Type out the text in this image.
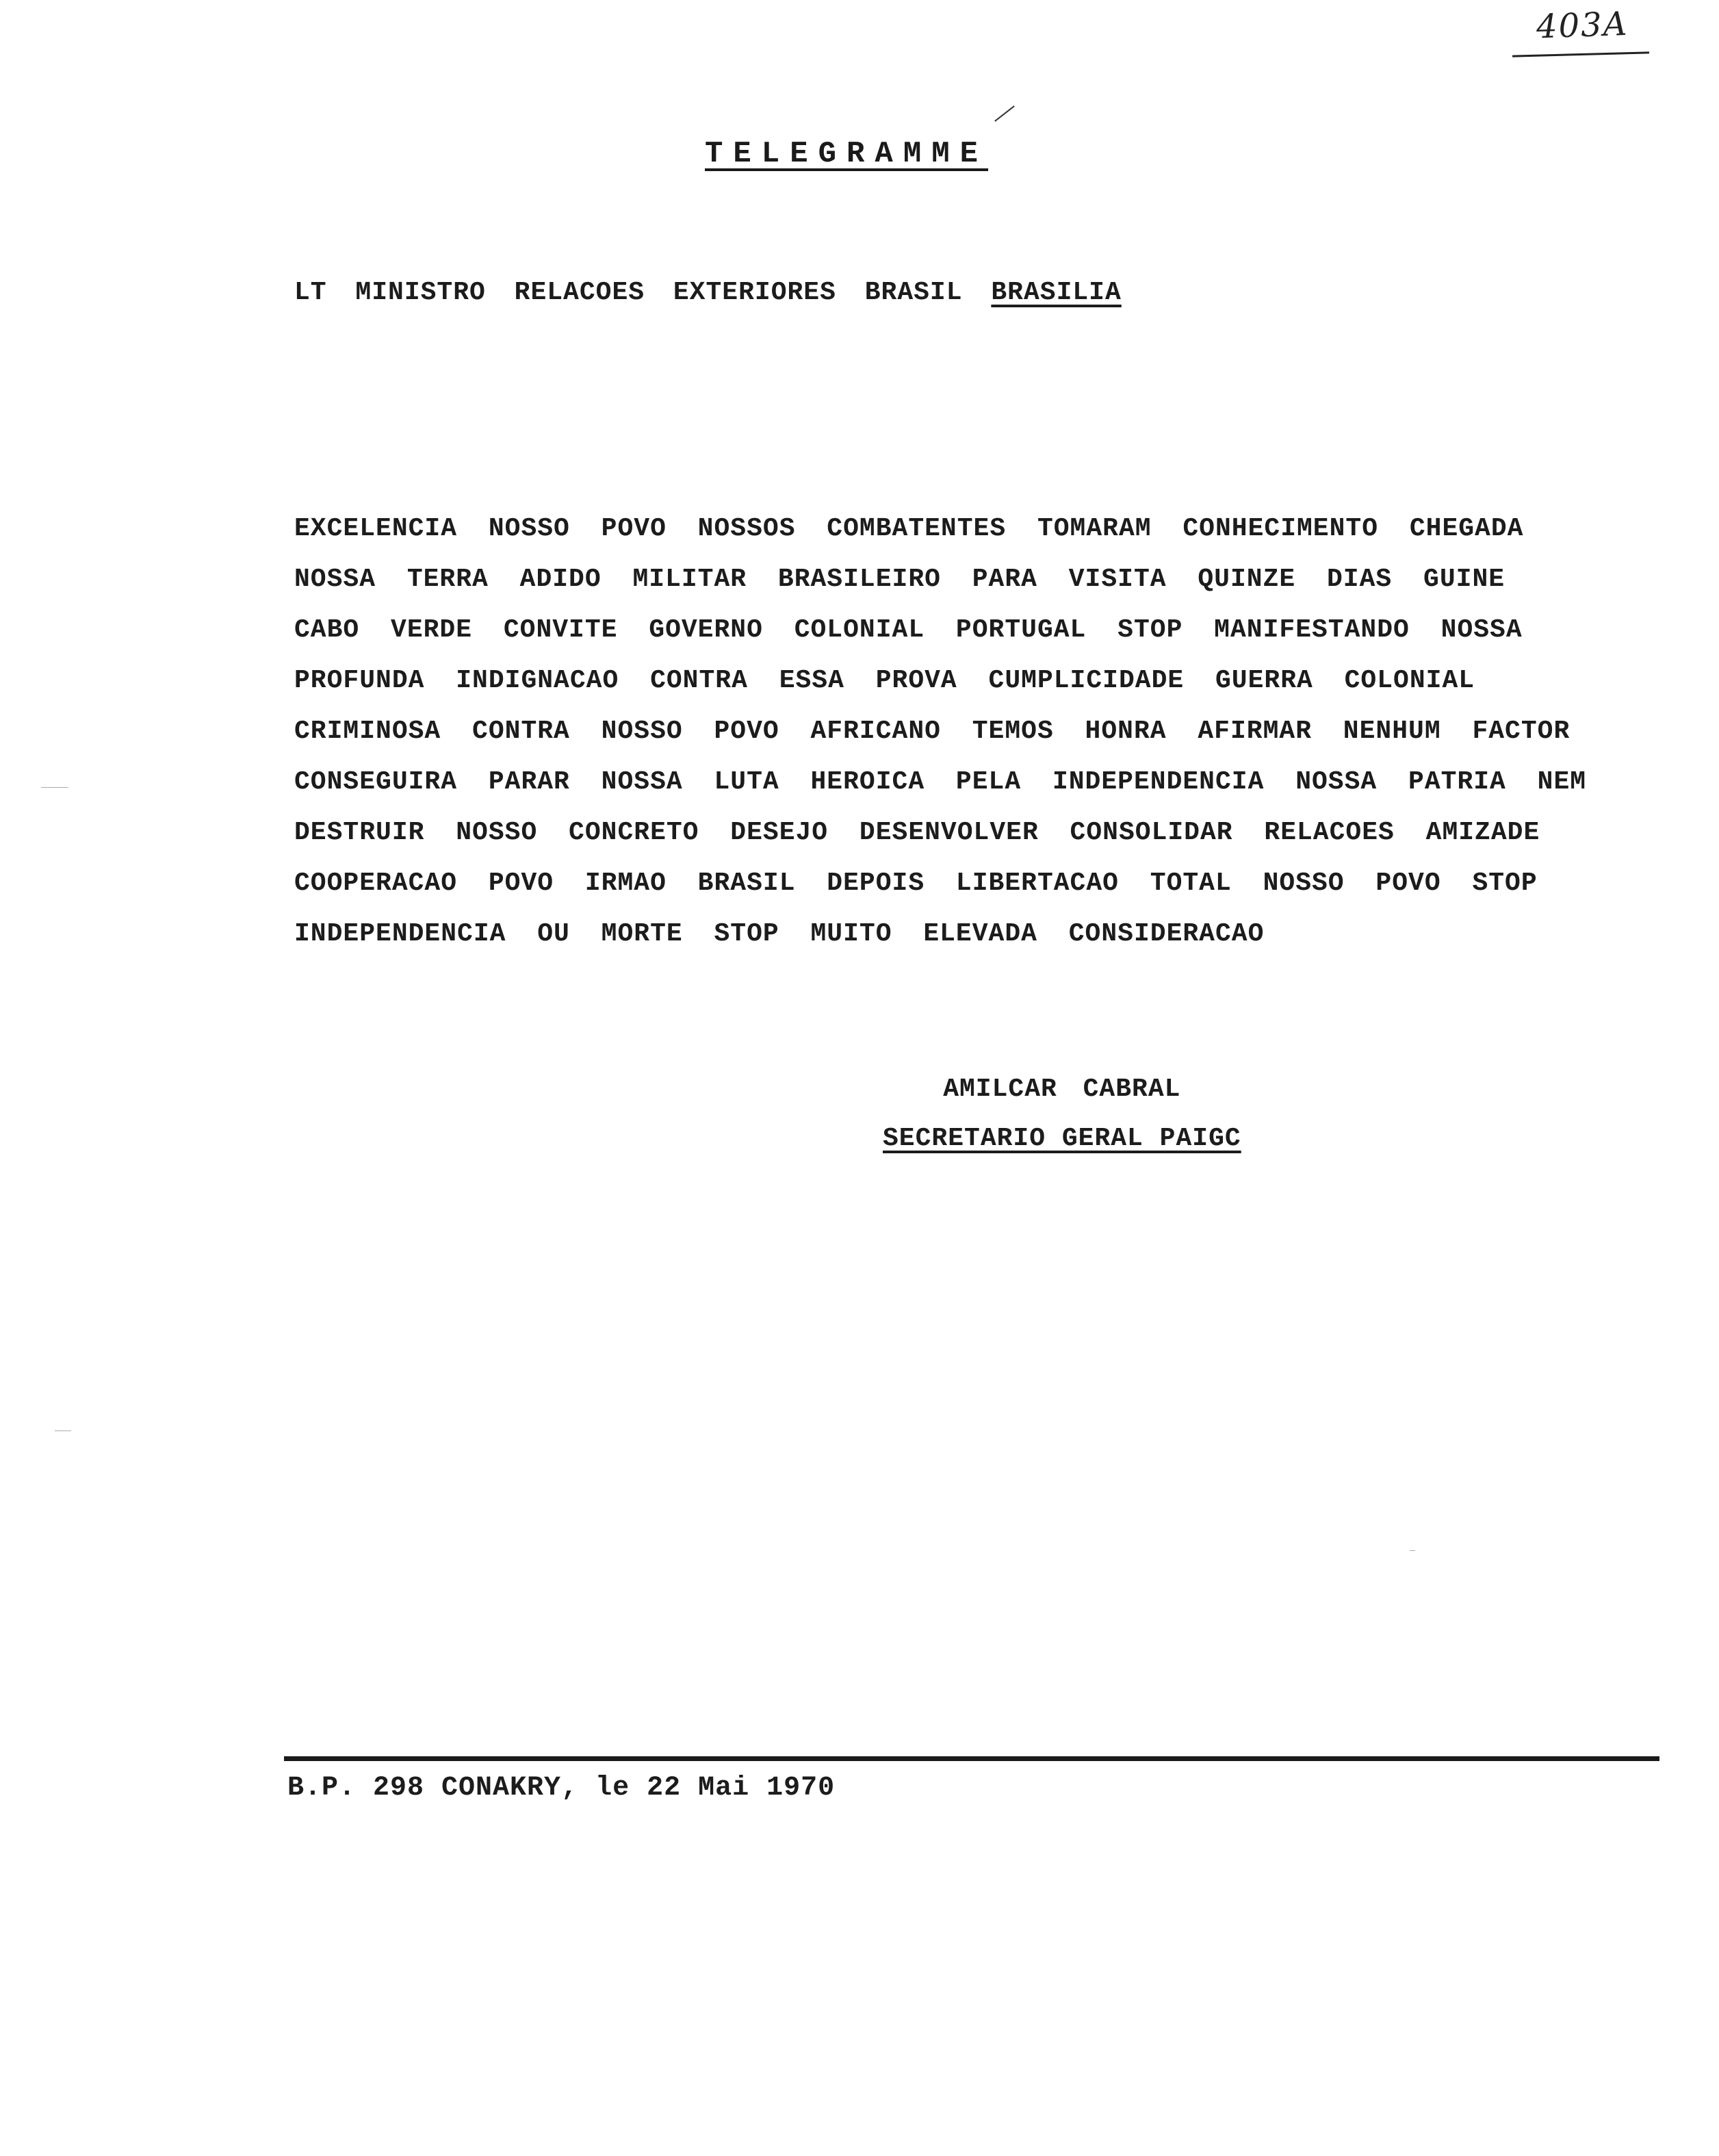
403A
TELEGRAMME
LT MINISTRO RELACOES EXTERIORES BRASIL BRASILIA
EXCELENCIA NOSSO POVO NOSSOS COMBATENTES TOMARAM CONHECIMENTO CHEGADA
NOSSA TERRA ADIDO MILITAR BRASILEIRO PARA VISITA QUINZE DIAS GUINE
CABO VERDE CONVITE GOVERNO COLONIAL PORTUGAL STOP MANIFESTANDO NOSSA
PROFUNDA INDIGNACAO CONTRA ESSA PROVA CUMPLICIDADE GUERRA COLONIAL
CRIMINOSA CONTRA NOSSO POVO AFRICANO TEMOS HONRA AFIRMAR NENHUM FACTOR
CONSEGUIRA PARAR NOSSA LUTA HEROICA PELA INDEPENDENCIA NOSSA PATRIA NEM
DESTRUIR NOSSO CONCRETO DESEJO DESENVOLVER CONSOLIDAR RELACOES AMIZADE
COOPERACAO POVO IRMAO BRASIL DEPOIS LIBERTACAO TOTAL NOSSO POVO STOP
INDEPENDENCIA OU MORTE STOP MUITO ELEVADA CONSIDERACAO
AMILCAR CABRAL
SECRETARIO GERAL PAIGC
B.P. 298 CONAKRY, le 22 Mai 1970
